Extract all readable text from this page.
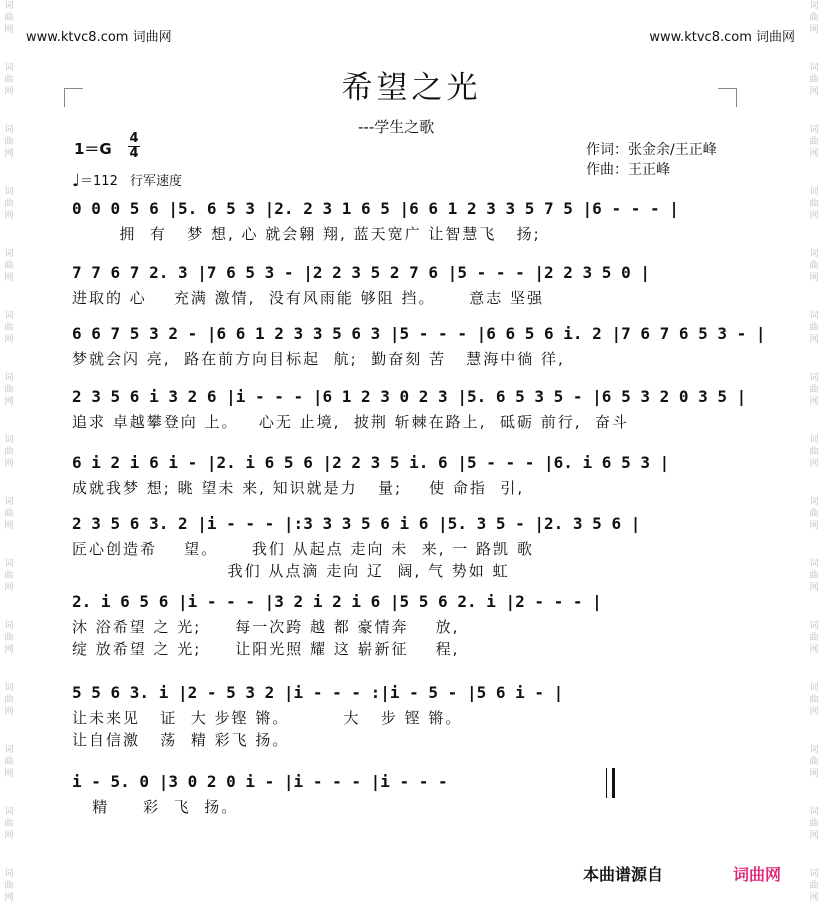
www.ktvc8.com 词曲网	www.ktvc8.com 词曲网
词曲网
词曲网
词曲网
词曲网
词曲网
词曲网
词曲网
词曲网
词曲网
词曲网
词曲网
词曲网
词曲网
词曲网
词曲网
词曲网
词曲网
词曲网
词曲网
词曲网
词曲网
词曲网
词曲网
词曲网
词曲网
词曲网
词曲网
词曲网
词曲网
词曲网
希望之光
---学生之歌
作词：张金余/王正峰
作曲：王正峰
1＝G
4
4
♩＝112 行军速度
0 0 0 5 6 |5. 6 5 3 |2. 2 3 1 6 5 |6 6 1 2 3 3 5 7 5 |6 - - - |
拥  有   梦 想, 心 就会翱 翔, 蓝天宽广 让智慧飞   扬;
7 7 6 7 2. 3 |7 6 5 3 - |2 2 3 5 2 7 6 |5 - - - |2 2 3 5 0 |
进取的 心    充满 激情,  没有风雨能 够阻 挡。     意志 坚强
6 6 7 5 3 2 - |6 6 1 2 3 3 5 6 3 |5 - - - |6 6 5 6 i. 2 |7 6 7 6 5 3 - |
梦就会闪 亮,  路在前方向目标起  航;  勤奋刻 苦   慧海中徜 徉,
2 3 5 6 i 3 2 6 |i - - - |6 1 2 3 0 2 3 |5. 6 5 3 5 - |6 5 3 2 0 3 5 |
追求 卓越攀登向 上。   心无 止境,  披荆 斩棘在路上,  砥砺 前行,  奋斗
6 i 2 i 6 i - |2. i 6 5 6 |2 2 3 5 i. 6 |5 - - - |6. i 6 5 3 |
成就我梦 想; 眺 望未 来, 知识就是力   量;    使 命指  引,
2 3 5 6 3. 2 |i - - - |:3 3 3 5 6 i 6 |5. 3 5 - |2. 3 5 6 |
匠心创造希    望。     我们 从起点 走向 未  来, 一 路凯 歌
我们 从点滴 走向 辽  阔, 气 势如 虹
2. i 6 5 6 |i - - - |3 2 i 2 i 6 |5 5 6 2. i |2 - - - |
沐 浴希望 之 光;     每一次跨 越 都 豪情奔    放,
绽 放希望 之 光;     让阳光照 耀 这 崭新征    程,
5 5 6 3. i |2 - 5 3 2 |i - - - :|i - 5 - |5 6 i - |
让未来见   证  大 步铿 锵。        大   步 铿 锵。
让自信激   荡  精 彩飞 扬。
i - 5. 0 |3 0 2 0 i - |i - - - |i - - -
精     彩  飞  扬。
本曲谱源自	词曲网
